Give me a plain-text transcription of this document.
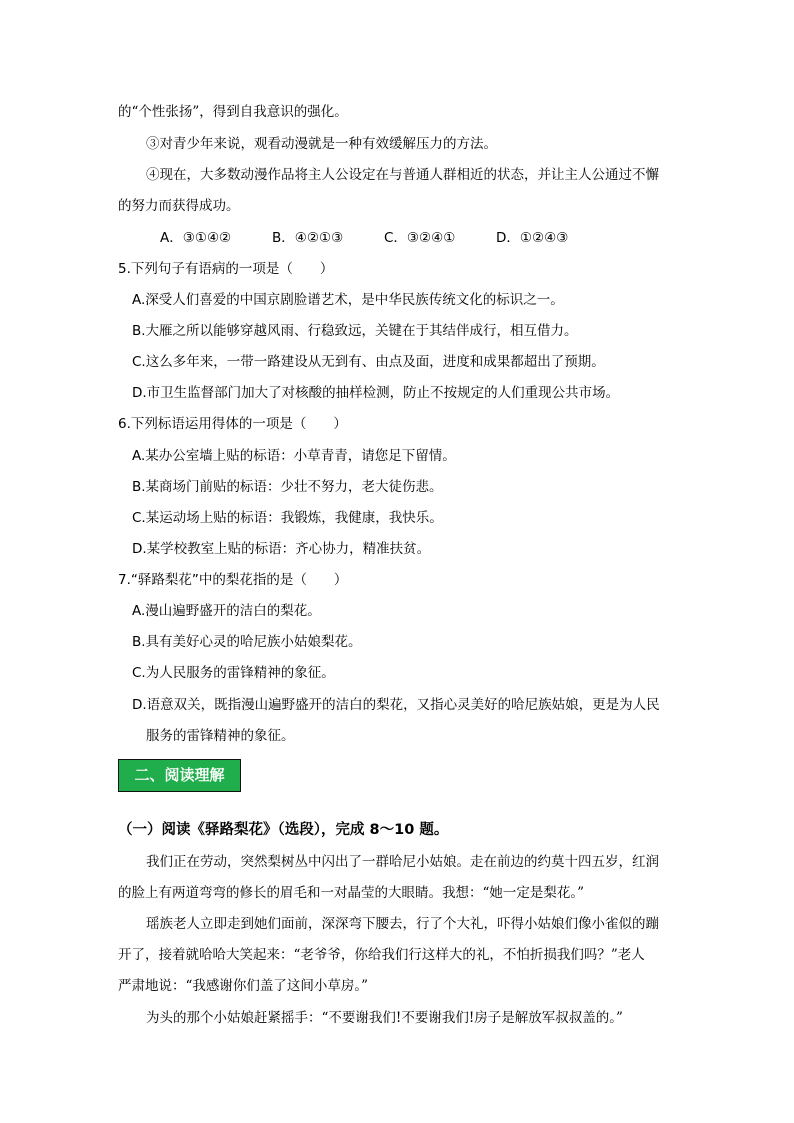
的“个性张扬”，得到自我意识的强化。
③对青少年来说，观看动漫就是一种有效缓解压力的方法。
④现在，大多数动漫作品将主人公设定在与普通人群相近的状态，并让主人公通过不懈
的努力而获得成功。
A．③①④②	B．④②①③	C．③②④①	D．①②④③
5.下列句子有语病的一项是（　　）
A.深受人们喜爱的中国京剧脸谱艺术，是中华民族传统文化的标识之一。
B.大雁之所以能够穿越风雨、行稳致远，关键在于其结伴成行，相互借力。
C.这么多年来，一带一路建设从无到有、由点及面，进度和成果都超出了预期。
D.市卫生监督部门加大了对核酸的抽样检测，防止不按规定的人们重现公共市场。
6.下列标语运用得体的一项是（　　）
A.某办公室墙上贴的标语：小草青青，请您足下留情。
B.某商场门前贴的标语：少壮不努力，老大徒伤悲。
C.某运动场上贴的标语：我锻炼，我健康，我快乐。
D.某学校教室上贴的标语：齐心协力，精准扶贫。
7.“驿路梨花”中的梨花指的是（　　）
A.漫山遍野盛开的洁白的梨花。
B.具有美好心灵的哈尼族小姑娘梨花。
C.为人民服务的雷锋精神的象征。
D.语意双关，既指漫山遍野盛开的洁白的梨花，又指心灵美好的哈尼族姑娘，更是为人民
服务的雷锋精神的象征。
二、阅读理解
（一）阅读《驿路梨花》（选段），完成 8～10 题。
我们正在劳动，突然梨树丛中闪出了一群哈尼小姑娘。走在前边的约莫十四五岁，红润
的脸上有两道弯弯的修长的眉毛和一对晶莹的大眼睛。我想：“她一定是梨花。”
瑶族老人立即走到她们面前，深深弯下腰去，行了个大礼，吓得小姑娘们像小雀似的蹦
开了，接着就哈哈大笑起来：“老爷爷，你给我们行这样大的礼，不怕折损我们吗？”老人
严肃地说：“我感谢你们盖了这间小草房。”
为头的那个小姑娘赶紧摇手：“不要谢我们!不要谢我们!房子是解放军叔叔盖的。”
